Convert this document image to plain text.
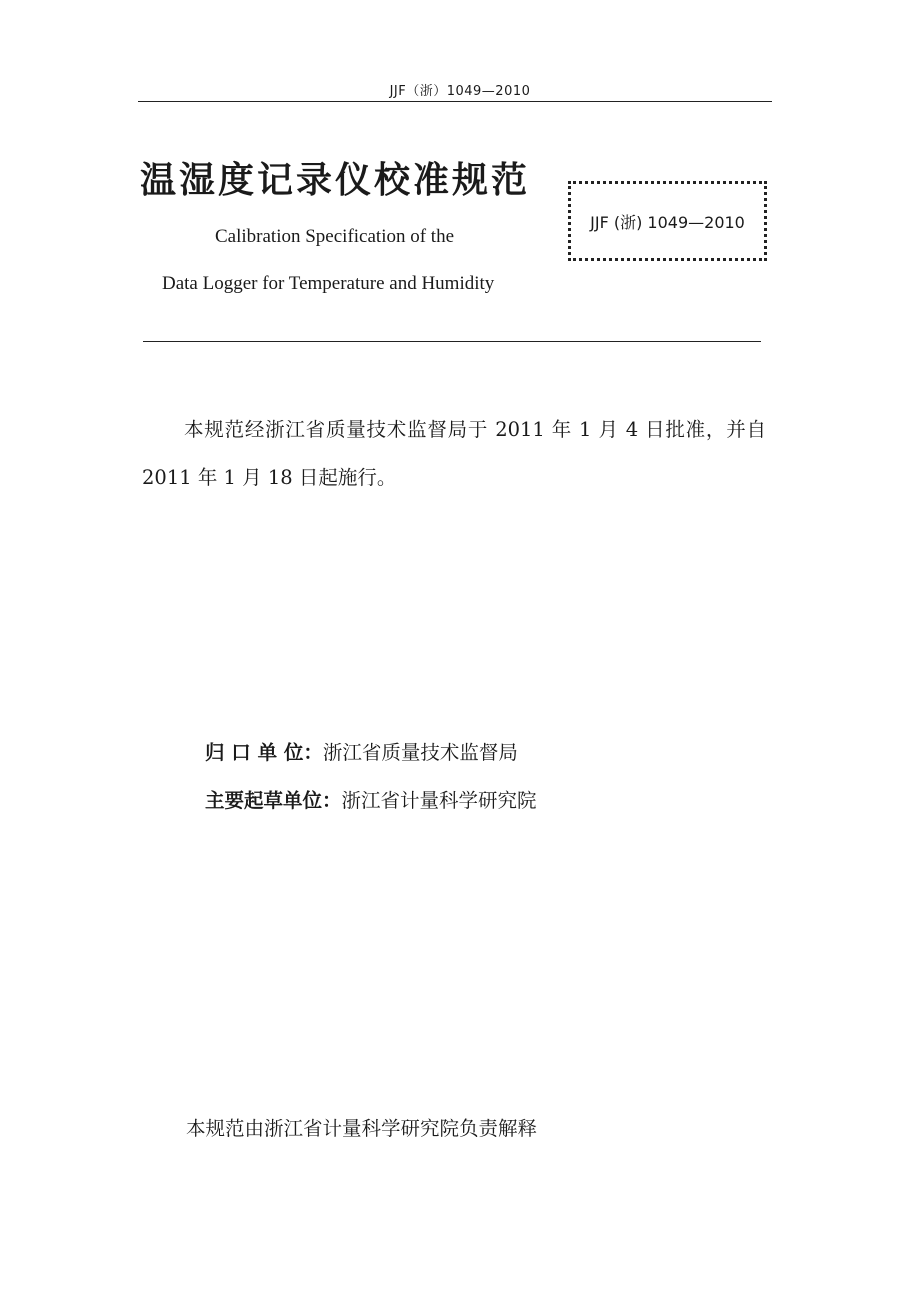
JJF（浙）1049—2010
温湿度记录仪校准规范
Calibration Specification of the
Data Logger for Temperature and Humidity
JJF (浙) 1049—2010
本规范经浙江省质量技术监督局于 2011 年 1 月 4 日批准，并自 2011 年 1 月 18 日起施行。
归 口 单 位：浙江省质量技术监督局
主要起草单位：浙江省计量科学研究院
本规范由浙江省计量科学研究院负责解释
